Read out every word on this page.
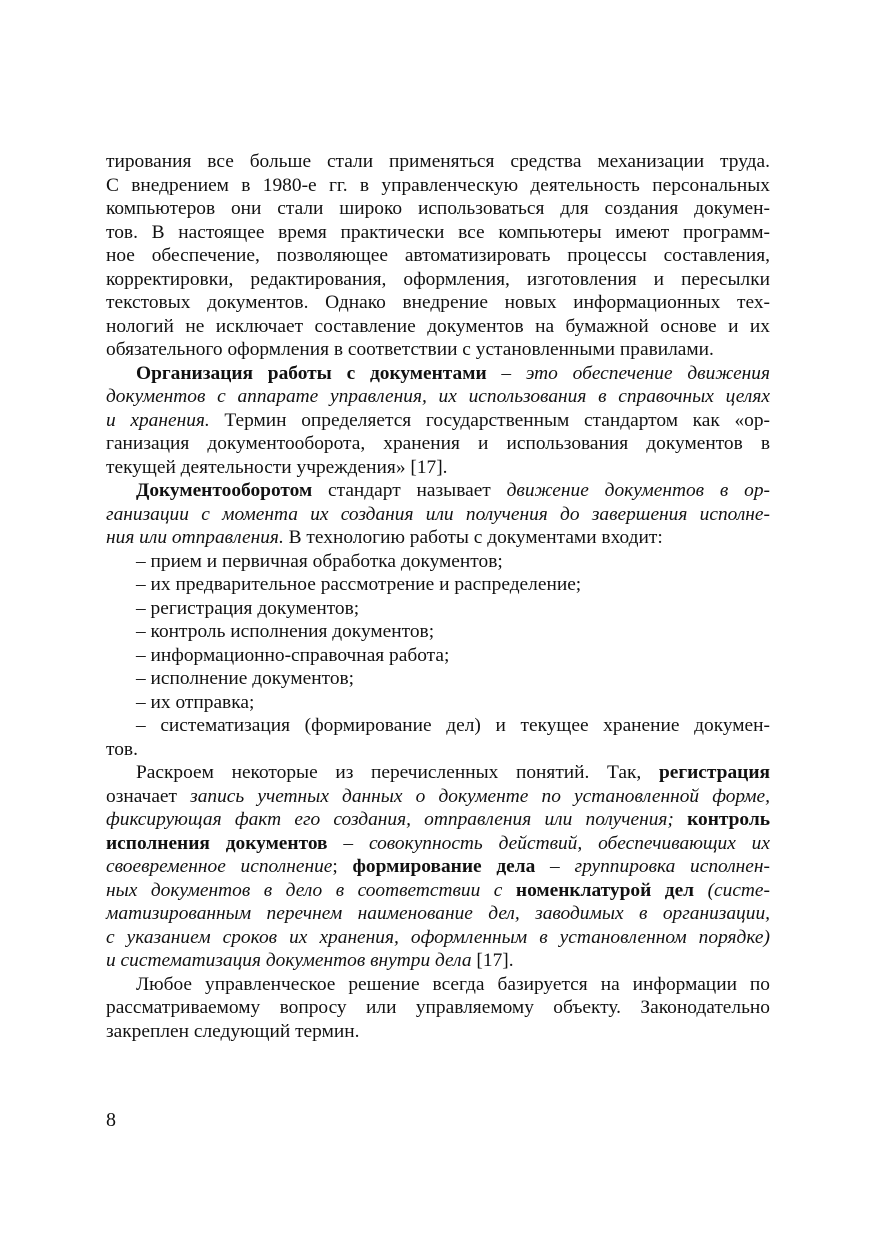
тирования все больше стали применяться средства механизации труда.
С внедрением в 1980-е гг. в управленческую деятельность персональных
компьютеров они стали широко использоваться для создания докумен-
тов. В настоящее время практически все компьютеры имеют программ-
ное обеспечение, позволяющее автоматизировать процессы составления,
корректировки, редактирования, оформления, изготовления и пересылки
текстовых документов. Однако внедрение новых информационных тех-
нологий не исключает составление документов на бумажной основе и их
обязательного оформления в соответствии с установленными правилами.
Организация работы с документами – это обеспечение движения
документов с аппарате управления, их использования в справочных целях
и хранения. Термин определяется государственным стандартом как «ор-
ганизация документооборота, хранения и использования документов в
текущей деятельности учреждения» [17].
Документооборотом стандарт называет движение документов в ор-
ганизации с момента их создания или получения до завершения исполне-
ния или отправления. В технологию работы с документами входит:
– прием и первичная обработка документов;
– их предварительное рассмотрение и распределение;
– регистрация документов;
– контроль исполнения документов;
– информационно-справочная работа;
– исполнение документов;
– их отправка;
– систематизация (формирование дел) и текущее хранение докумен-
тов.
Раскроем некоторые из перечисленных понятий. Так, регистрация
означает запись учетных данных о документе по установленной форме,
фиксирующая факт его создания, отправления или получения; контроль
исполнения документов – совокупность действий, обеспечивающих их
своевременное исполнение; формирование дела – группировка исполнен-
ных документов в дело в соответствии с номенклатурой дел (систе-
матизированным перечнем наименование дел, заводимых в организации,
с указанием сроков их хранения, оформленным в установленном порядке)
и систематизация документов внутри дела [17].
Любое управленческое решение всегда базируется на информации по
рассматриваемому вопросу или управляемому объекту. Законодательно
закреплен следующий термин.
8
